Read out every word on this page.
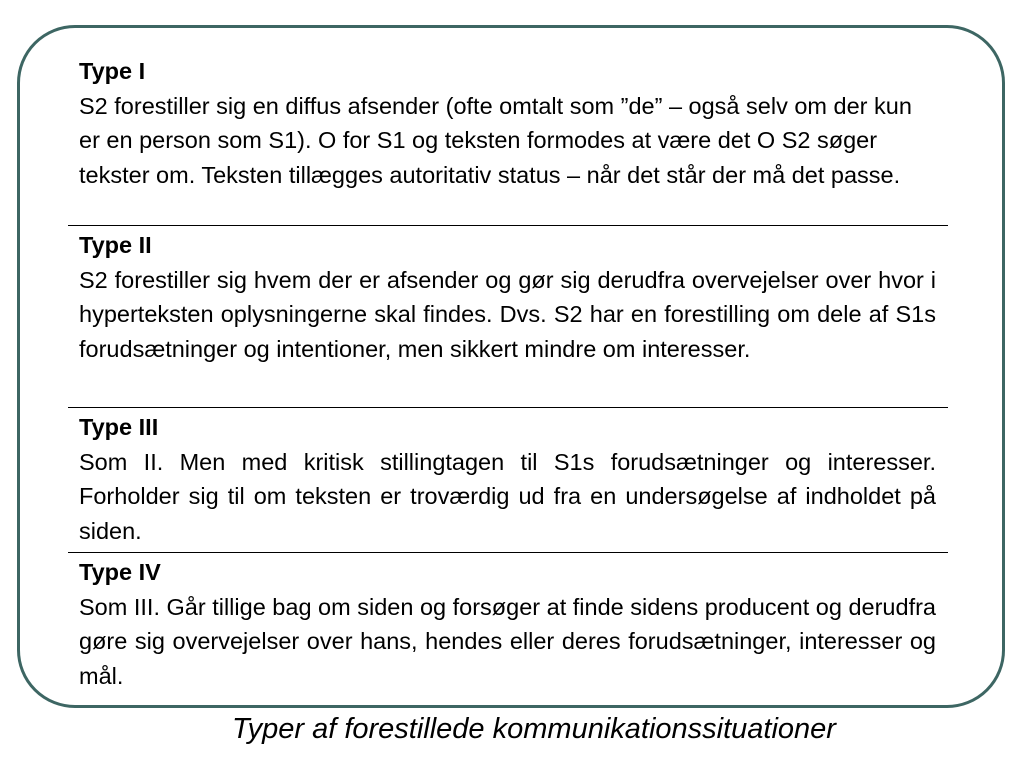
Type I
S2 forestiller sig en diffus afsender (ofte omtalt som ”de” – også selv om der kun er en person som S1). O for S1 og teksten formodes at være det O S2 søger tekster om. Teksten tillægges autoritativ status – når det står der må det passe.
Type II
S2 forestiller sig hvem der er afsender og gør sig derudfra overvejelser over hvor i hyperteksten oplysningerne skal findes. Dvs. S2 har en forestilling om dele af S1s forudsætninger og intentioner, men sikkert mindre om interesser.
Type III
Som II. Men med kritisk stillingtagen til S1s forudsætninger og interesser. Forholder sig til om teksten er troværdig ud fra en undersøgelse af indholdet på siden.
Type IV
Som III. Går tillige bag om siden og forsøger at finde sidens producent og derudfra gøre sig overvejelser over hans, hendes eller deres forudsætninger, interesser og mål.
Typer af forestillede kommunikationssituationer
